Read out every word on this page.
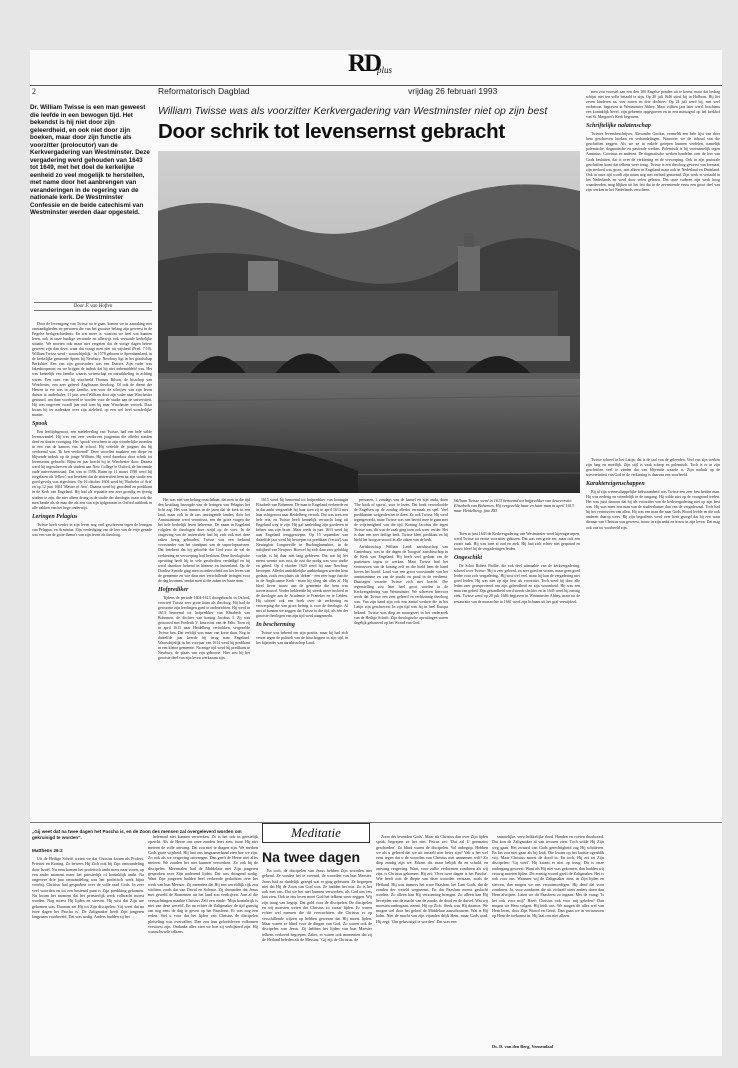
RD
plus
2	Reformatorisch Dagblad	vrijdag 26 februari 1993
Dr. William Twisse is een man geweest die leefde in een bewogen tijd. Het bekendst is hij niet door zijn geleerdheid, en ook niet door zijn boeken, maar door zijn functie als voorzitter (prolocutor) van de Kerkvergadering van Westminster. Deze vergadering werd gehouden van 1643 tot 1649, met het doel de kerkelijke eenheid zo veel mogelijk te herstellen, met name door het aanbrengen van veranderingen in de regering van de nationale kerk. De Westminster Confessie en de beide catechismi van Westminster werden daar opgesteld.
Door F. van Hoften
William Twisse was als voorzitter Kerkvergadering van Westminster niet op zijn best
Door schrik tot levensernst gebracht
William Twisse werd in 1613 benoemd tot hofprediker van keurvorstin Elisabeth van Bohemen. Hij vergezelde haar en haar man in april 1613 naar Heidelberg. foto RD

Door de levensgang van Twisse na te gaan, komen we in aanraking met omstandigheden en personen die van het grootste belang zijn geweest in de Engelse kerkgeschiedenis. En wat meer is: waarom we heel wat kunnen leren, ook in onze huidige verwarde en allerwijs ook verwarde kerkelijke situatie. We moeten ook maar niet vergeten dat de vorige dagen betere geweest zijn dan deze, want dat vraagt men niet uit wijsheid (Pred. 7:10). William Twisse werd - waarschijnlijk - in 1578 geboren te Speenhamland, in de kerkelijke gemeente Speen bij Newbury. Newbury ligt in het graafschap Berkshire. Een van zijn grootvaders was een Duitser. Zijn vader was lakenkoopman; en we krijgen de indruk dat hij niet onbemiddeld was. Het was kennelijk een familie waarin wetenschap en ontwikkeling in achting waren. Een oom van hij voorheeld Thomas Bilson, de bisschop van Winchester, een zeer geleerd Anglicaans theoloog. Of ook de dienst der Heeren in ere was in zijn familie, wat voor de schrijver van zijn leven duister is; anderhalve, 11 jaar, werd William door zijn vader naar Winchester gestuurd, om daar voorbereid te worden voor de studie aan de universiteit. Hij was ongeveer twaalf jaar oud toen hij naar Winchester vertrok. Daar kwam hij ter nadenken over zijn zieleheil, op een wel heel wonderlijke manier.

Spook

Een leeftijdsgenoot, een medeleerling van Twisse, had een hele wilde levenswandel. Hij was een zeer verdorven jongeman die allerlei zonden deed en daarin voortging. Het 'spook' verscheen in zijn wonderlijke avonden in een van de kamers van de school. Hij vertelde de jongens dat hij verdoemd was. 'Ik ben verdoemd!' Deze woorden maakten een diepe en blijvende indruk op de jonge William. Hij werd daardoor door schrik tot levensernst gebracht. Bijna en jaar bracht hij in Winchester door. Daarna werd hij ingeschreven als student aan New College te Oxford, de beroemde oude universiteitsstad. Dat was in 1596. Ruim op 11 maart 1598 werd hij toegelaten als 'fellow', wat betekent dat de universiteit hem na zijn studie een goed gevolg was afgesloten. Op 16 oktober 1604 werd hij 'Bachelor of Arts' en op 12 juni 1604 'Master of Arts'. Daarna werd hij geordend en predikant in de Kerk van Engeland. Hij had als reputatie een zeer grondig en ijverig student te zijn, die niet alleen drong in de studie der theologie, maar ook die men kende als de man die als een van zijn tijdgenoten in Oxford uitblonk in alle vakken van het hoge onderwijs.

Leringen Pelagius

Twisse heeft verder in zijn leven nog veel geschreven tegen de leringen van Pelagius, en Arminius. Zijn verdediging van de leer van de vrije genade was een van de grote thema's van zijn leven als theoloog.

Het was niet van belang onzichtbaar, dat men in die tijd den kruitlaag bezorgde van de leringen van Pelagius het licht zag. Het was immers in de jaren dat de kerk in een land, maar ook in de ons omringende landen, door het Arminianisme werd verontrust, een der grote vragen die het hele kerkelijk leven beheerste. De naam in Engeland volgden de theologen deze strijd op de voet. In de omgeving van de universiteit had hij zich ook met deze zaken bezig gehouden. Twisse was een bedaard voorstander van het standpunt van de supra-lapsarissen. Dat betekent dat hij geloofde dat God voor de val de verkiezing en verwerping had besloten. Deze theologische opvatting heeft hij in vele geschriften verdedigd en hij werd daardoor bekend in binnen- en buitenland. Op de Dordtse Synode ging men in onderscheid om het leven van de gemeente en wie daar met verschillende leringen voor de dag kwamen, omdat men al die zaken ter harte nam.

Hofprediker

Tijdens de periode 1604-1613 doorgebracht in Oxford, verwierf Twisse zeer grote faam als theoloog. Hij had de gewoonte zijn leerlingen goed te onderrichten. Hij werd in 1613 benoemd tot hofprediker van Elisabeth van Bohemen, de dochter van koning Jacobus I. Zij was getrouwd met Frederik V, keurvorst van de Palts. Toen zij in april 1613 naar Heidelberg vertrokken, vergezelde Twisse hen. Dat verblijf was maar van korte duur. Nog in datzelfde jaar keerde hij terug naar Engeland. Waarschijnlijk in het voorjaar van 1614 werd hij predikant in een kleine gemeente. Na enige tijd werd hij predikant te Newbury, de plaats van zijn geboorte. Hier zou hij het grootste deel van zijn leven werkzaam zijn.

1615 werd hij benoemd tot hofprediker van koningin Elisabeth van Bohemen. De man in Engeland verkeerde en in dat ambt vergezelde hij haar toen zij in april 1613 met haar echtgenoot naar Heidelberg vertrok. Dat was toen een hele reis, en Twisse heeft kennelijk verwacht lang uit Engeland weg te zijn. Hij gaf aanleiding zijn goederen in beheer aan zijn broer. Maar reeds in juni 1613 werd hij naar Engeland teruggeroepen. Op 15 september van datzelfde jaar werd hij beroepen tot predikant ('rector') van Newington Longueville in Buckinghamshire, in de nabijheid van Newport. Hoewel hij zich daar zeer gelukkig voelde, is hij daar niet lang gebleven. Dat wat hij het meest wenste was rust, de rust die nodig was voor studie en gebed. Op 4 oktober 1620 werd hij naar Newbury beroepen. Allerlei aanlokkelijke aanbiedingen werden hem gedaan, zoals een plaats als 'deken' - een zeer hoge functie in de Anglicaanse Kerk - maar hij sloeg dat alles af. Hij bleef liever trouw aan de gemeente die hem was toevertrouwd. Verder bekleedde hij steeds meer invloed in de theologie aan de Academie te Franeker en te Leiden. Hij schreef ook een boek over de verkiezing en verwerping die van groot belang is voor de theologie. Al met al kunnen we zeggen dat Twisse in die tijd, als één der grootste theologen van zijn tijd werd aangemerkt.

In bescherming

Twisse was bekend om zijn positie, maar hij had zich verzet tegen de politiek van de bisschoppen in zijn tijd, in het bijzonder van aartsbisschop Laud.

personen, 't zondags van de kansel en zijn ambt, doen 'The book of sports', voor te lezen. Dat boek veroorloofde de Engelsen op de zondag allerlei vermaak en spel. Veel predikanten weigerden het te doen. Zo ook Twisse. Hij werd tegengewerkt, maar Twisse was niet bereid mee te gaan met de vrijzinnigheid van die tijd. Koning Jacobus die tegen Twisse was, dit was de zaak ging toen ook weer verder. Het is daar een zeer deftige kerk. Twisse bleef predikant en hij hield het hoogste woord in alle zaken van de kerk.

Aartsbisschop William Laud, aartsbisschop van Canterbury, was in die dagen de 'hoogste' aartsbisschop in de Kerk van Engeland. Hij heeft veel gedaan om de puriteinen tegen te werken. Maar Twisse had het vertrouwen van de koning zelf en die hield hem de hand boven het hoofd. Laud was een groot voorstander van het arminianisme en van de pracht en praal in de eredienst. Daartegen verzette Twisse zich met kracht. Die tegenstelling zou later heel groot worden in de Kerkvergadering van Westminster. We schreven hiervoor reeds dat Twisse een zeer geleerd en rechtzinnig theoloog was. Van zijn hand zijn ook een aantal werken die in het Latijn zijn geschreven. In zijn tijd was hij in heel Europa bekend. Twisse was diep en nauwgezet in het onderzoek van de Heilige Schrift. Zijn theologische opvattingen waren degelijk gebaseerd op het Woord van God.

Toen in juni 1643 de Kerkvergadering van Westminster werd bijeengeroepen, werd Twisse tot eerste voorzitter gekozen. Dat was een grote eer, maar ook een zware taak. Hij was toen al oud en ziek. Hij had zich echter niet gespaard en trouw bleef hij de vergaderingen leiden.

Ongeschikt

De Schot Robert Baillie, die ook deel uitmaakte van de kerkvergadering, schreef over Twisse: 'Hij is zeer geleerd, en zeer goed en vroom, maar geen goed leider voor zo'n vergadering.' Hij wist wel veel, maar hij kon de vergadering niet goed leiden. Hij was niet op zijn best als voorzitter. Toch werd hij door alle leden zeer gerespecteerd om zijn geleerdheid en zijn vroomheid. Hij was een man van gebed. Zijn gezondheid werd steeds slechter en in 1645 werd hij ernstig ziek. Twisse werd op 20 juli 1646 begraven in Westminster Abbey, maar na de restauratie van de monarchie in 1661 werd zijn lichaam uit het graf verwijderd.

men zou voorstel aan een den 100 Engelse ponden uit te keren, maar dat bedrag schijnt niet ten volle betaald te zijn. Op 20 juli 1646 stierf hij in Holborn. Hij liet zeven kinderen na, vier zonen en drie dochters. Op 24 juli werd hij, met veel eerbetoon, begraven in Westminster Abbey. Maar vijftien jaar later werd, krachtens een koninklijk bevel, zijn gebeente opgegraven en in een massagraf op het kerkhof van St. Margaret's Kerk begraven.

Schriftelijke nalatenschap

Twisses levensbeschrijver, Alexander Gordon, vermeldt een hele lijst van door hem geschreven boeken en verhandelingen. Waarover we de inhoud van die geschriften zeggen: Als we ze in enkele groepen kunnen verdelen, namelijk polemische, dogmatische en pastorale werken. Polemisch is hij voornamelijk tegen Arminius, Corvinus en anderen. De dogmatische werken handelen over de leer van Gods besluiten, dat is over de verkiezing en de verwerping. Ook in zijn pastorale geschriften komt dat telkens weer terug. Twisse is een theoloog geweest van formaat, zijn invloed was groot, niet alleen in Engeland maar ook in Nederland en Duitsland. Ook in onze tijd wordt zijn naam nog met eerbied genoemd. Zijn werk is vertaald in het Nederlands en werd door velen gelezen. Dat onze vaderen zijn werk hoog waardeerden, mag blijken uit het feit dat in de zeventiende eeuw een groot deel van zijn werken in het Nederlands verscheen.

Twisse schreef in het Latijn; dat is de taal van de geleerden. Veel van zijn werken zijn lang en moeilijk. Zijn stijl is vaak scherp en polemisch. Toch is er in zijn geschriften veel te vinden dat van blijvende waarde is. Zijn nadruk op de soevereiniteit van God in de verkiezing is daarvan een voorbeeld.

Karaktereigenschappen

Bij al zijn wetenschappelijke bekwaamheid was Twisse een zeer bescheiden man. Hij was nederig en vriendelijk in de omgang. Hij wilde niet op de voorgrond treden. Het was juist daarom dat hij als voorzitter van de kerkvergadering niet op zijn best was. Hij was meer een man van de studeerkamer dan van de vergaderzaal. Toch had hij het vertrouwen van allen. Hij was een man die naar Gods Woord leefde en die ook anderen daarop wees. Bij zijn begrafenis werd over hem gezegd dat hij een waar dienaar van Christus was geweest, trouw in zijn ambt en trouw in zijn leven. Dat mag ook ons tot voorbeeld zijn.

„Gij weet dat na twee dagen het Pascha is, en de Zoon des mensen zal overgeleverd worden om gekruisigd te worden”.
Mattheüs 26:2
Meditatie
Na twee dagen

Uit de Heilige Schrift weten we dat Christus kwam als Profeet, Priester en Koning. Zo bewees Hij Zich ook bij Zijn omwandeling door Israël. Nu eens komen het profetisch ambt meer naar voren, op een ander moment meer het priesterlijk of koninklijk ambt. Na ongeveer drie jaar omwandeling was het profetisch werk bijna voorbij. Christus had gesproken over de volle raad Gods. In zeer veel woorden en tot een bestemd punt is Zijn prediking gekomen. Nu kwam het moment dat het priesterlijk werk volbracht moest worden. Nog moest Hij lijden en sterven. Hij wist dat Zijn ure gekomen was. Daarom zei Hij tot Zijn discipelen: 'Gij weet dat na twee dagen het Pascha is'. De Zaligmaker heeft Zijn jongeren langzaam voorbereid. Dat was nodig. Anders hadden zij het

helemaal niet kunnen verwerken. Zo is het ook in geestelijk opzicht. Als de Heere ons onze zonden leert zien, toont Hij niet meteen de volle omvang. Dat zou niet te dragen zijn. We merken Gods grote wijsheid. Hij laat ons langzamerhand zien hoe we zijn. Zo ook als we vergeving ontvangen. Dan geeft de Heere niet alles meteen. We zouden het niet kunnen verwerken. Zo ook bij de discipelen. Meermalen had de Middelaar met Zijn jongeren gesproken over Zijn naderend lijden. Dat was dringend nodig. Want Zijn jongeren hadden heel verkeerde gedachten over het werk van hun Meester. Zij meenden dat Hij een wereldlijk rijk zou stichten, zoals dat van David en Salomo. Zij droomden dat Jezus met geweld de Romeinen uit het land zou verdrijven. Aan al die verwachtingen maakte Christus Zelf een einde: 'Mijn koninkrijk is niet van deze wereld'. En nu echter de Zaligmaker de tijd gunstig om nog eens de dag te geven op het Paasfeest. Er was nog een reden. Stel u voor dat het lijden van Christus de discipelen plotseling was overvallen. Dan zou hun geloofsleven volkomen verwoest zijn. Ondanks alles zien we hoe zij verbijsterd zijn. Hij waarschuwde telkens.

En toch, de discipelen van Jezus hebben Zijn woorden niet gekend. Ze vonden het te vreemd, de woorden van hun Meester. Jezus had zo duidelijk gezegd wat er ging gebeuren. Ze begrepen niet dat Hij de Zoon van God was. Ze hadden het mis. Zo is het ook met ons. Dat we het niet kunnen verwerken, als God ons iets laat zien. Ook in ons leven moet God het telkens weer zeggen. Wij zijn traag van begrip. Dat gold voor de discipelen. De discipelen en wij moesten weten dat Christus zo zwaar lijden. Er waren echter wel mensen die dit verwachtten, die Christus er op verschillende wijzen op hebben gewezen dat Hij moest lijden. Maar waren ze blind voor de dingen van God. Zo waren ook de discipelen van Jezus. Zij hebben het lijden van hun Meester telkens verkeerd begrepen. Zaker, er waren ook momenten dat zij de Heiland beleden als de Messias: 'Gij zijt de Christus, de

Zoon des levenden Gods'. Maar als Christus dan over Zijn lijden sprak, begrepen ze het niet. Petrus zei: 'Dat zal U geenszins geschieden'. Zo blind waren de discipelen. Vol onbegrip. Hebben we als u geleerd dat we uit onszelf niet beter zijn? Valt u het wel eens tegen dat u de woorden van Christus niet aannemen wilt? Zo diep zondig zijn we. Erkent dit, maar belijdt dit en schuld, en ontvang vergeving. Want, voor zulke verlorenen zondaren als wij zijn, is Christus gekomen. Hij zei: 'Over twee dagen is het Pascha'. Wie heeft ooit de diepte van deze woorden verstaan, zoals de Heiland. Hij was immers het ware Paaslam, het Lam Gods, dat de zonden der wereld wegneemt. En dat Paaslam moest geslacht worden. Zo alleen kan Hij verzoening brengen. Zo alleen kan Hij bevrijden van de macht van de zonde, de dood en de duivel. Wat wij moesten ondergaan, neemt Hij op Zich. Sterk was Hij daartoe. We mogen wel door het geloof de Middelaar aanschouwen. Wat is Hij kalm. Niet de macht van zijn vijanden drijft Hem, maar Gods raad. Hij zegt: 'Om gekruisigd te worden'. Dat was een

smartelijke, verschrikkelijke dood. Handen en voeten doorboord. Dat kon de Zaligmaker al van tevoren zien. Toch wilde Hij Zijn weg gaan. Het zwaard van Gods gerechtigheid zag Hij schitteren. En het zou niet gaan als bij Izak. Die kwam op het laatste ogenblik vrij. Maar Christus moest de dood in. En toch, Hij zei tot Zijn discipelen: 'Gij weet'. Hij kwam er niet op terug. Dit is onze ondergang geweest. Want als Hij niet was gekomen, dan hadden wij eeuwig moeten lijden. Dit ernstig woord geeft de Zaligmaker. Het is ook voor ons. Wanneer wij de Zaligmaker zien, in Zijn lijden en sterven, dan mogen we ons verootmoedigen. Hij deed dat voor zondaren. Ja, voor zondaren die uit zichzelf niets anders doen dan Hem afwijzen. Laten we dit Paasfeest zo ingaan. Met de vraag: 'Is het ook voor mij?' Heeft Christus ook voor mij geleden? Dan mogen we Hem volgen. Hij leidt ons. We mogen dit alles wel van Hem leren, door Zijn Woord en Geest. Dan gaan we in vertrouwen op Hem de toekomst in. Hij laat ons niet alleen.

Ds. D. van den Berg, Veenendaal
